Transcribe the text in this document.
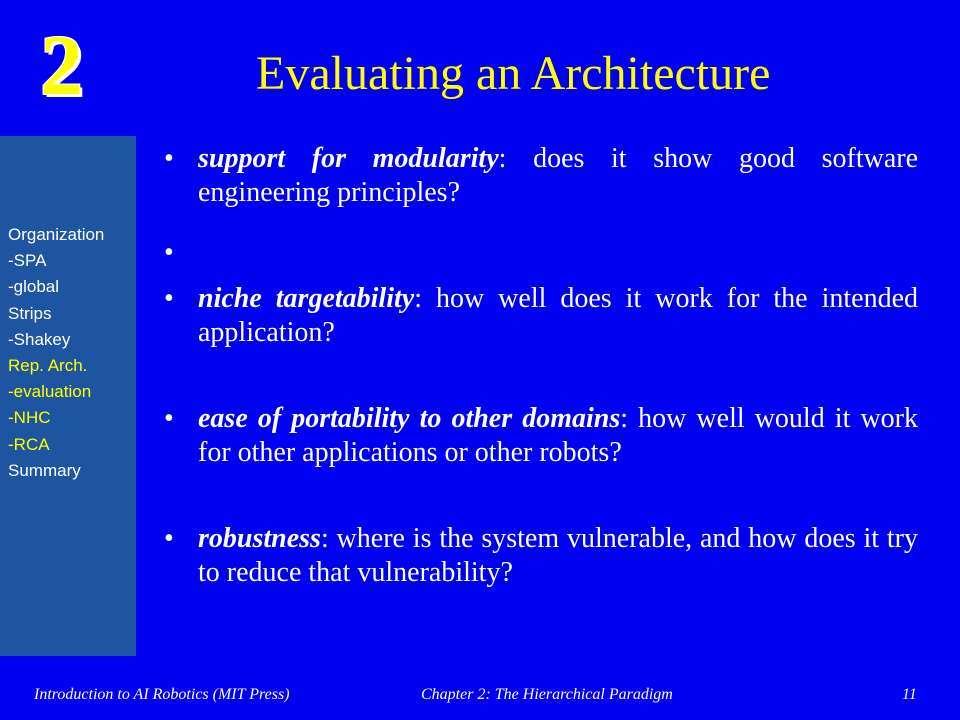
2	Evaluating an Architecture
Organization
-SPA
-global
Strips
-Shakey
Rep. Arch.
-evaluation
-NHC
-RCA
Summary
• support for modularity: does it show good software engineering principles?
•
• niche targetability: how well does it work for the intended application?
• ease of portability to other domains: how well would it work for other applications or other robots?
• robustness: where is the system vulnerable, and how does it try to reduce that vulnerability?
Introduction to AI Robotics (MIT Press)	Chapter 2: The Hierarchical Paradigm	11
